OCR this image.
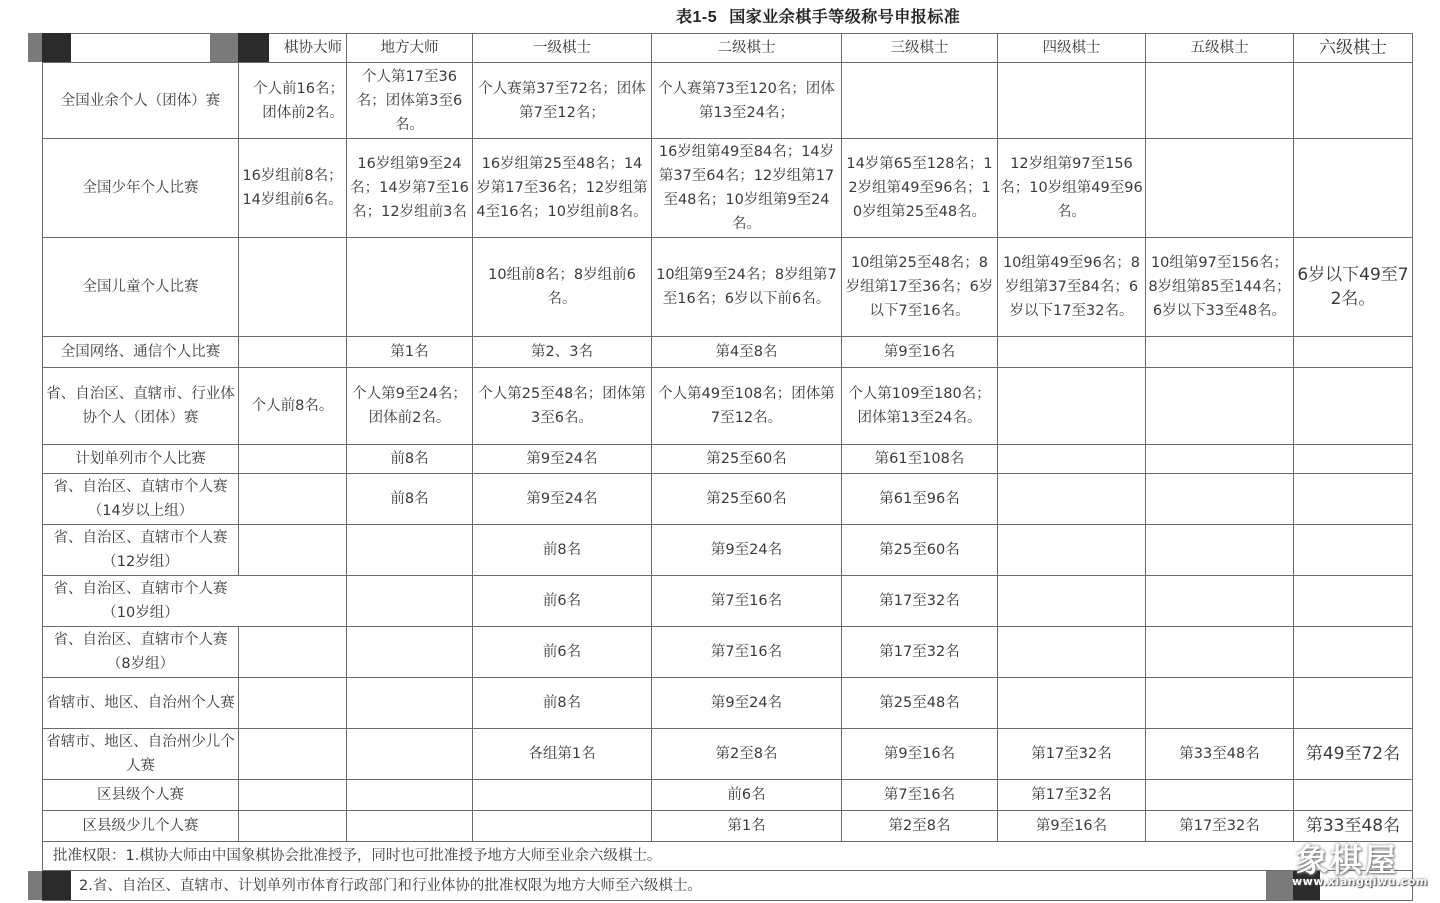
表1-5 国家业余棋手等级称号申报标准
	棋协大师	地方大师	一级棋士	二级棋士	三级棋士	四级棋士	五级棋士	六级棋士
全国业余个人（团体）赛	个人前16名；团体前2名。	个人第17至36名；团体第3至6名。	个人赛第37至72名；团体第7至12名；	个人赛第73至120名；团体第13至24名；				
全国少年个人比赛	16岁组前8名；14岁组前6名。	16岁组第9至24名；14岁第7至16名；12岁组前3名	16岁组第25至48名；14岁第17至36名；12岁组第4至16名；10岁组前8名。	16岁组第49至84名；14岁第37至64名；12岁组第17至48名；10岁组第9至24名。	14岁第65至128名；12岁组第49至96名；10岁组第25至48名。	12岁组第97至156名；10岁组第49至96名。		
全国儿童个人比赛			10组前8名；8岁组前6名。	10组第9至24名；8岁组第7至16名；6岁以下前6名。	10组第25至48名；8岁组第17至36名；6岁以下7至16名。	10组第49至96名；8岁组第37至84名；6岁以下17至32名。	10组第97至156名；8岁组第85至144名；6岁以下33至48名。	6岁以下49至72名。
全国网络、通信个人比赛		第1名	第2、3名	第4至8名	第9至16名			
省、自治区、直辖市、行业体协个人（团体）赛	个人前8名。	个人第9至24名；团体前2名。	个人第25至48名；团体第3至6名。	个人第49至108名；团体第7至12名。	个人第109至180名；团体第13至24名。			
计划单列市个人比赛		前8名	第9至24名	第25至60名	第61至108名			
省、自治区、直辖市个人赛（14岁以上组）		前8名	第9至24名	第25至60名	第61至96名			
省、自治区、直辖市个人赛（12岁组）			前8名	第9至24名	第25至60名			
省、自治区、直辖市个人赛（10岁组）			前6名	第7至16名	第17至32名			
省、自治区、直辖市个人赛（8岁组）			前6名	第7至16名	第17至32名			
省辖市、地区、自治州个人赛			前8名	第9至24名	第25至48名			
省辖市、地区、自治州少儿个人赛			各组第1名	第2至8名	第9至16名	第17至32名	第33至48名	第49至72名
区县级个人赛				前6名	第7至16名	第17至32名		
区县级少儿个人赛				第1名	第2至8名	第9至16名	第17至32名	第33至48名
批准权限：1.棋协大师由中国象棋协会批准授予，同时也可批准授予地方大师至业余六级棋士。								
2.省、自治区、直辖市、计划单列市体育行政部门和行业体协的批准权限为地方大师至六级棋士。								
象棋屋
www.xiangqiwu.com
